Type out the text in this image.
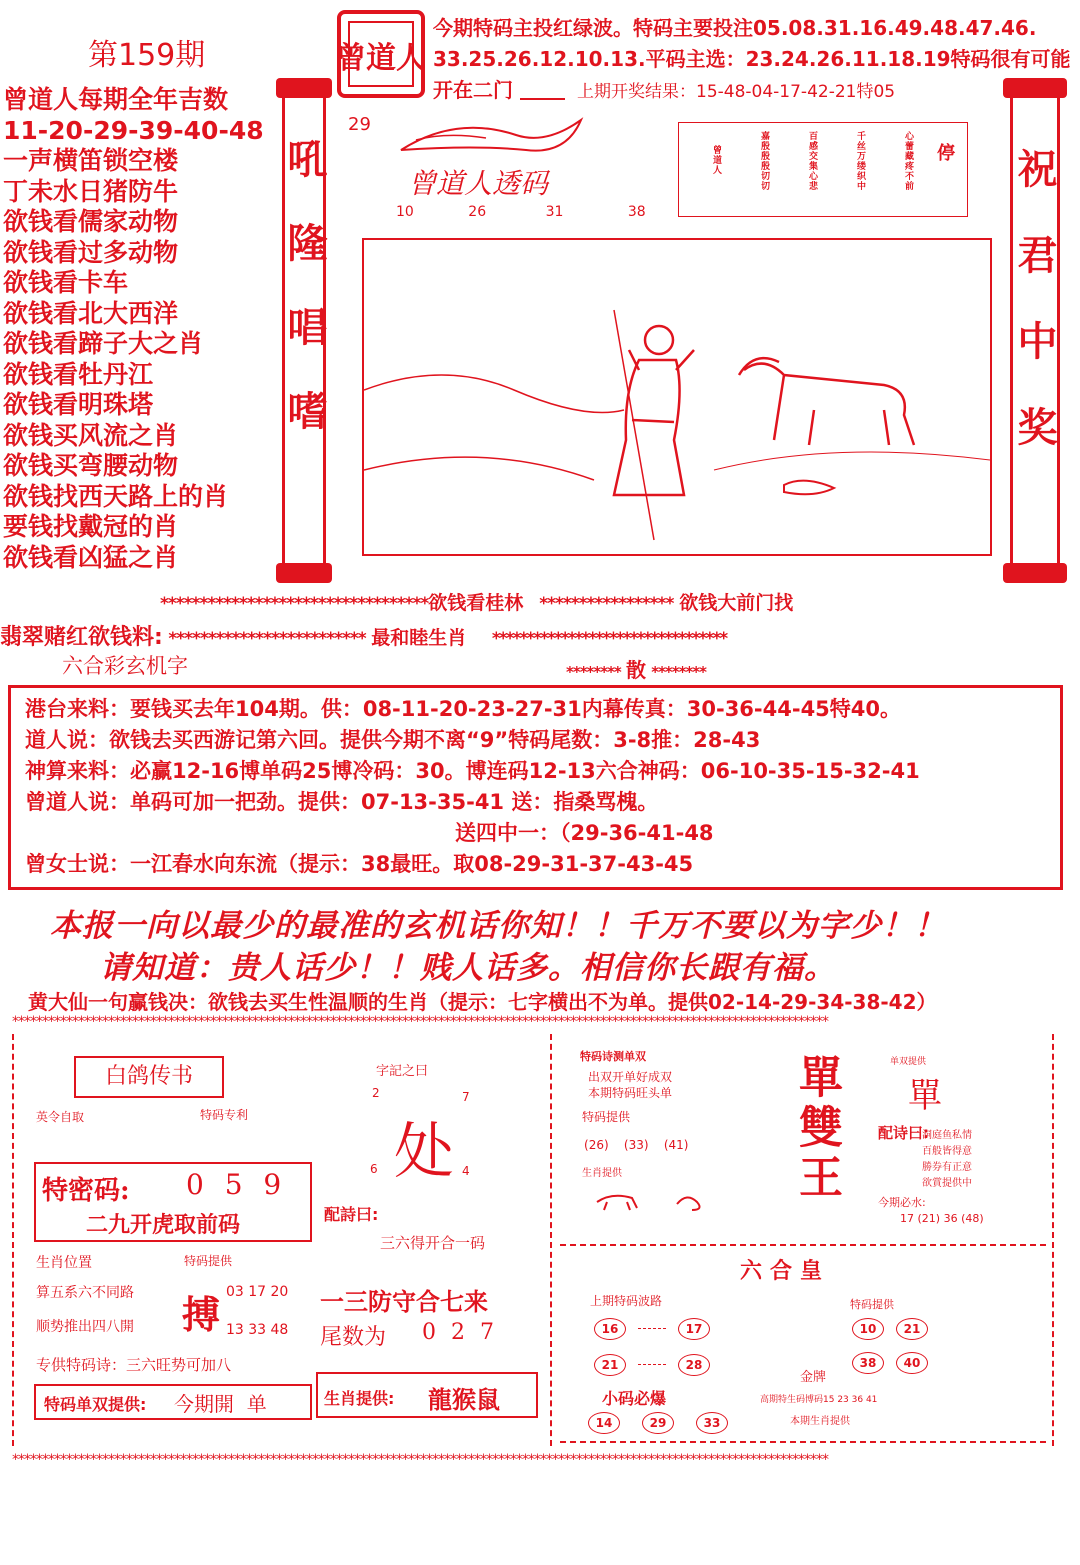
第159期	曾道人
今期特码主投红绿波。特码主要投注05.08.31.16.49.48.47.46.
33.25.26.12.10.13.平码主选：23.24.26.11.18.19特码很有可能
开在二门	上期开奖结果：15-48-04-17-42-21特05
曾道人每期全年吉数
11-20-29-39-40-48
一声横笛锁空楼
丁未水日猪防牛
欲钱看儒家动物
欲钱看过多动物
欲钱看卡车
欲钱看北大西洋
欲钱看蹄子大之肖
欲钱看牡丹江
欲钱看明珠塔
欲钱买风流之肖
欲钱买弯腰动物
欲钱找西天路上的肖
要钱找戴冠的肖
欲钱看凶猛之肖
吼隆唱嗜	祝君中奖
29
曾道人透码
10	26	31	38
停
心蕾藏疼不前
千丝万缕织中
百感交集心悲
嘉殷殷殷切切
曾道人
**********************************欲钱看桂林 ***************** 欲钱大前门找
翡翠赌红欲钱料: ************************* 最和睦生肖 **********************************
六合彩玄机字	******** 散 ********
港台来料：要钱买去年104期。供：08-11-20-23-27-31内幕传真：30-36-44-45特40。
道人说：欲钱去买西游记第六回。提供今期不离“9”特码尾数：3-8推：28-43
神算来料：必赢12-16博单码25博冷码：30。博连码12-13六合神码：06-10-35-15-32-41
曾道人说：单码可加一把劲。提供：07-13-35-41 送：指桑骂槐。
送四中一：（29-36-41-48
曾女士说：一江春水向东流（提示：38最旺。取08-29-31-37-43-45
本报一向以最少的最准的玄机话你知！！千万不要以为字少！！
请知道：贵人话少！！贱人话多。相信你长跟有福。
黄大仙一句赢钱决：欲钱去买生性温顺的生肖（提示：七字横出不为单。提供02-14-29-34-38-42）
****************************************************************************************************************************************
****************************************************************************************************************************************
白鸽传书
英令自取	特码专利
特密码: 0 5 9
二九开虎取前码
生肖位置
算五系六不同路
顺势推出四八開
特码提供
搏 03 17 20
13 33 48
专供特码诗：三六旺势可加八
特码单双提供: 今期開  单
字記之曰
2	7
处
6	4
配詩曰:
三六得开合一码
一三防守合七来
尾数为 0 2 7
生肖提供: 龍猴鼠
特码诗测单双
出双开单好成双
本期特码旺头单
特码提供
(26)    (33)    (41)
生肖提供	單雙王	单双提供
單
配诗曰:
洞庭鱼私情
百般皆得意
勝券有正意
欲賞提供中
今期必水:
17 (21) 36 (48)
六合皇
上期特码波路
16	17
21	28
特码提供
10 21
38 40
金牌
小码必爆	高期特生码博码15 23 36 41
14	29	33	本期生肖提供
